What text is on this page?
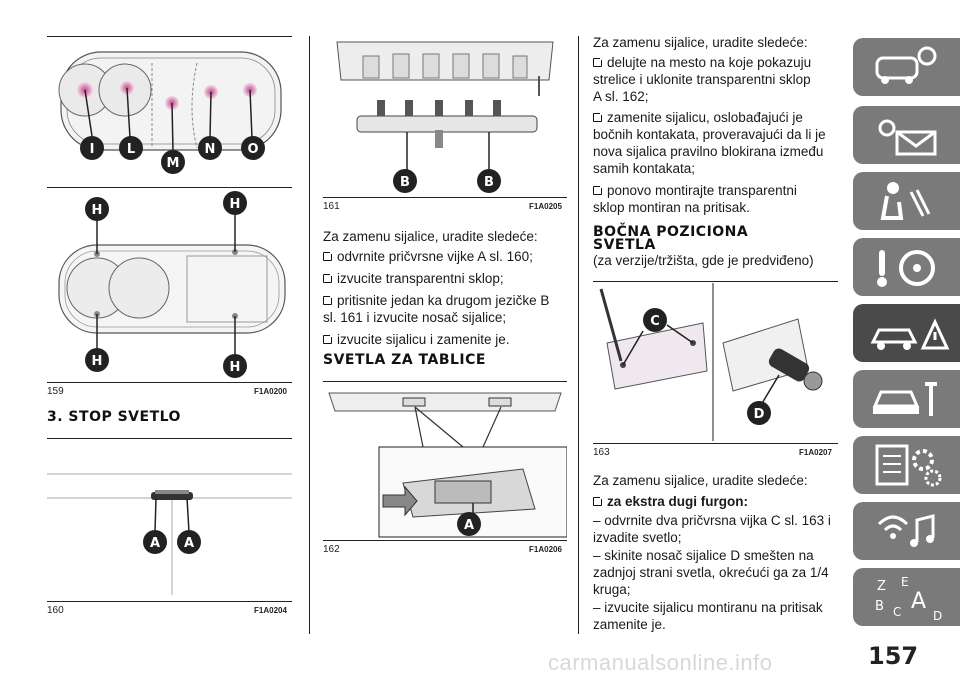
I L
M
N O
H	H
H	H
159	F1A0200
3. STOP SVETLO
A A
160	F1A0204
B	B
161	F1A0205
Za zamenu sijalice, uradite sledeće:
odvrnite pričvrsne vijke A sl. 160;
izvucite transparentni sklop;
pritisnite jedan ka drugom jezičke B
sl. 161 i izvucite nosač sijalice;
izvucite sijalicu i zamenite je.
SVETLA ZA TABLICE
A
162	F1A0206
Za zamenu sijalice, uradite sledeće:
delujte na mesto na koje pokazuju
strelice i uklonite transparentni sklop
A sl. 162;
zamenite sijalicu, oslobađajući je
bočnih kontakata, proveravajući da li je
nova sijalica pravilno blokirana između
samih kontakata;
ponovo montirajte transparentni
sklop montiran na pritisak.
BOČNA POZICIONA
SVETLA
(za verzije/tržišta, gde je predviđeno)
C
D
163	F1A0207
Za zamenu sijalice, uradite sledeće:
za ekstra dugi furgon:
– odvrnite dva pričvrsna vijka C sl. 163 i
izvadite svetlo;
– skinite nosač sijalice D smešten na
zadnjoj strani svetla, okrećući ga za 1/4
kruga;
– izvucite sijalicu montiranu na pritisak
zamenite je.
Z E
B C A
D
carmanualsonline.info	157
